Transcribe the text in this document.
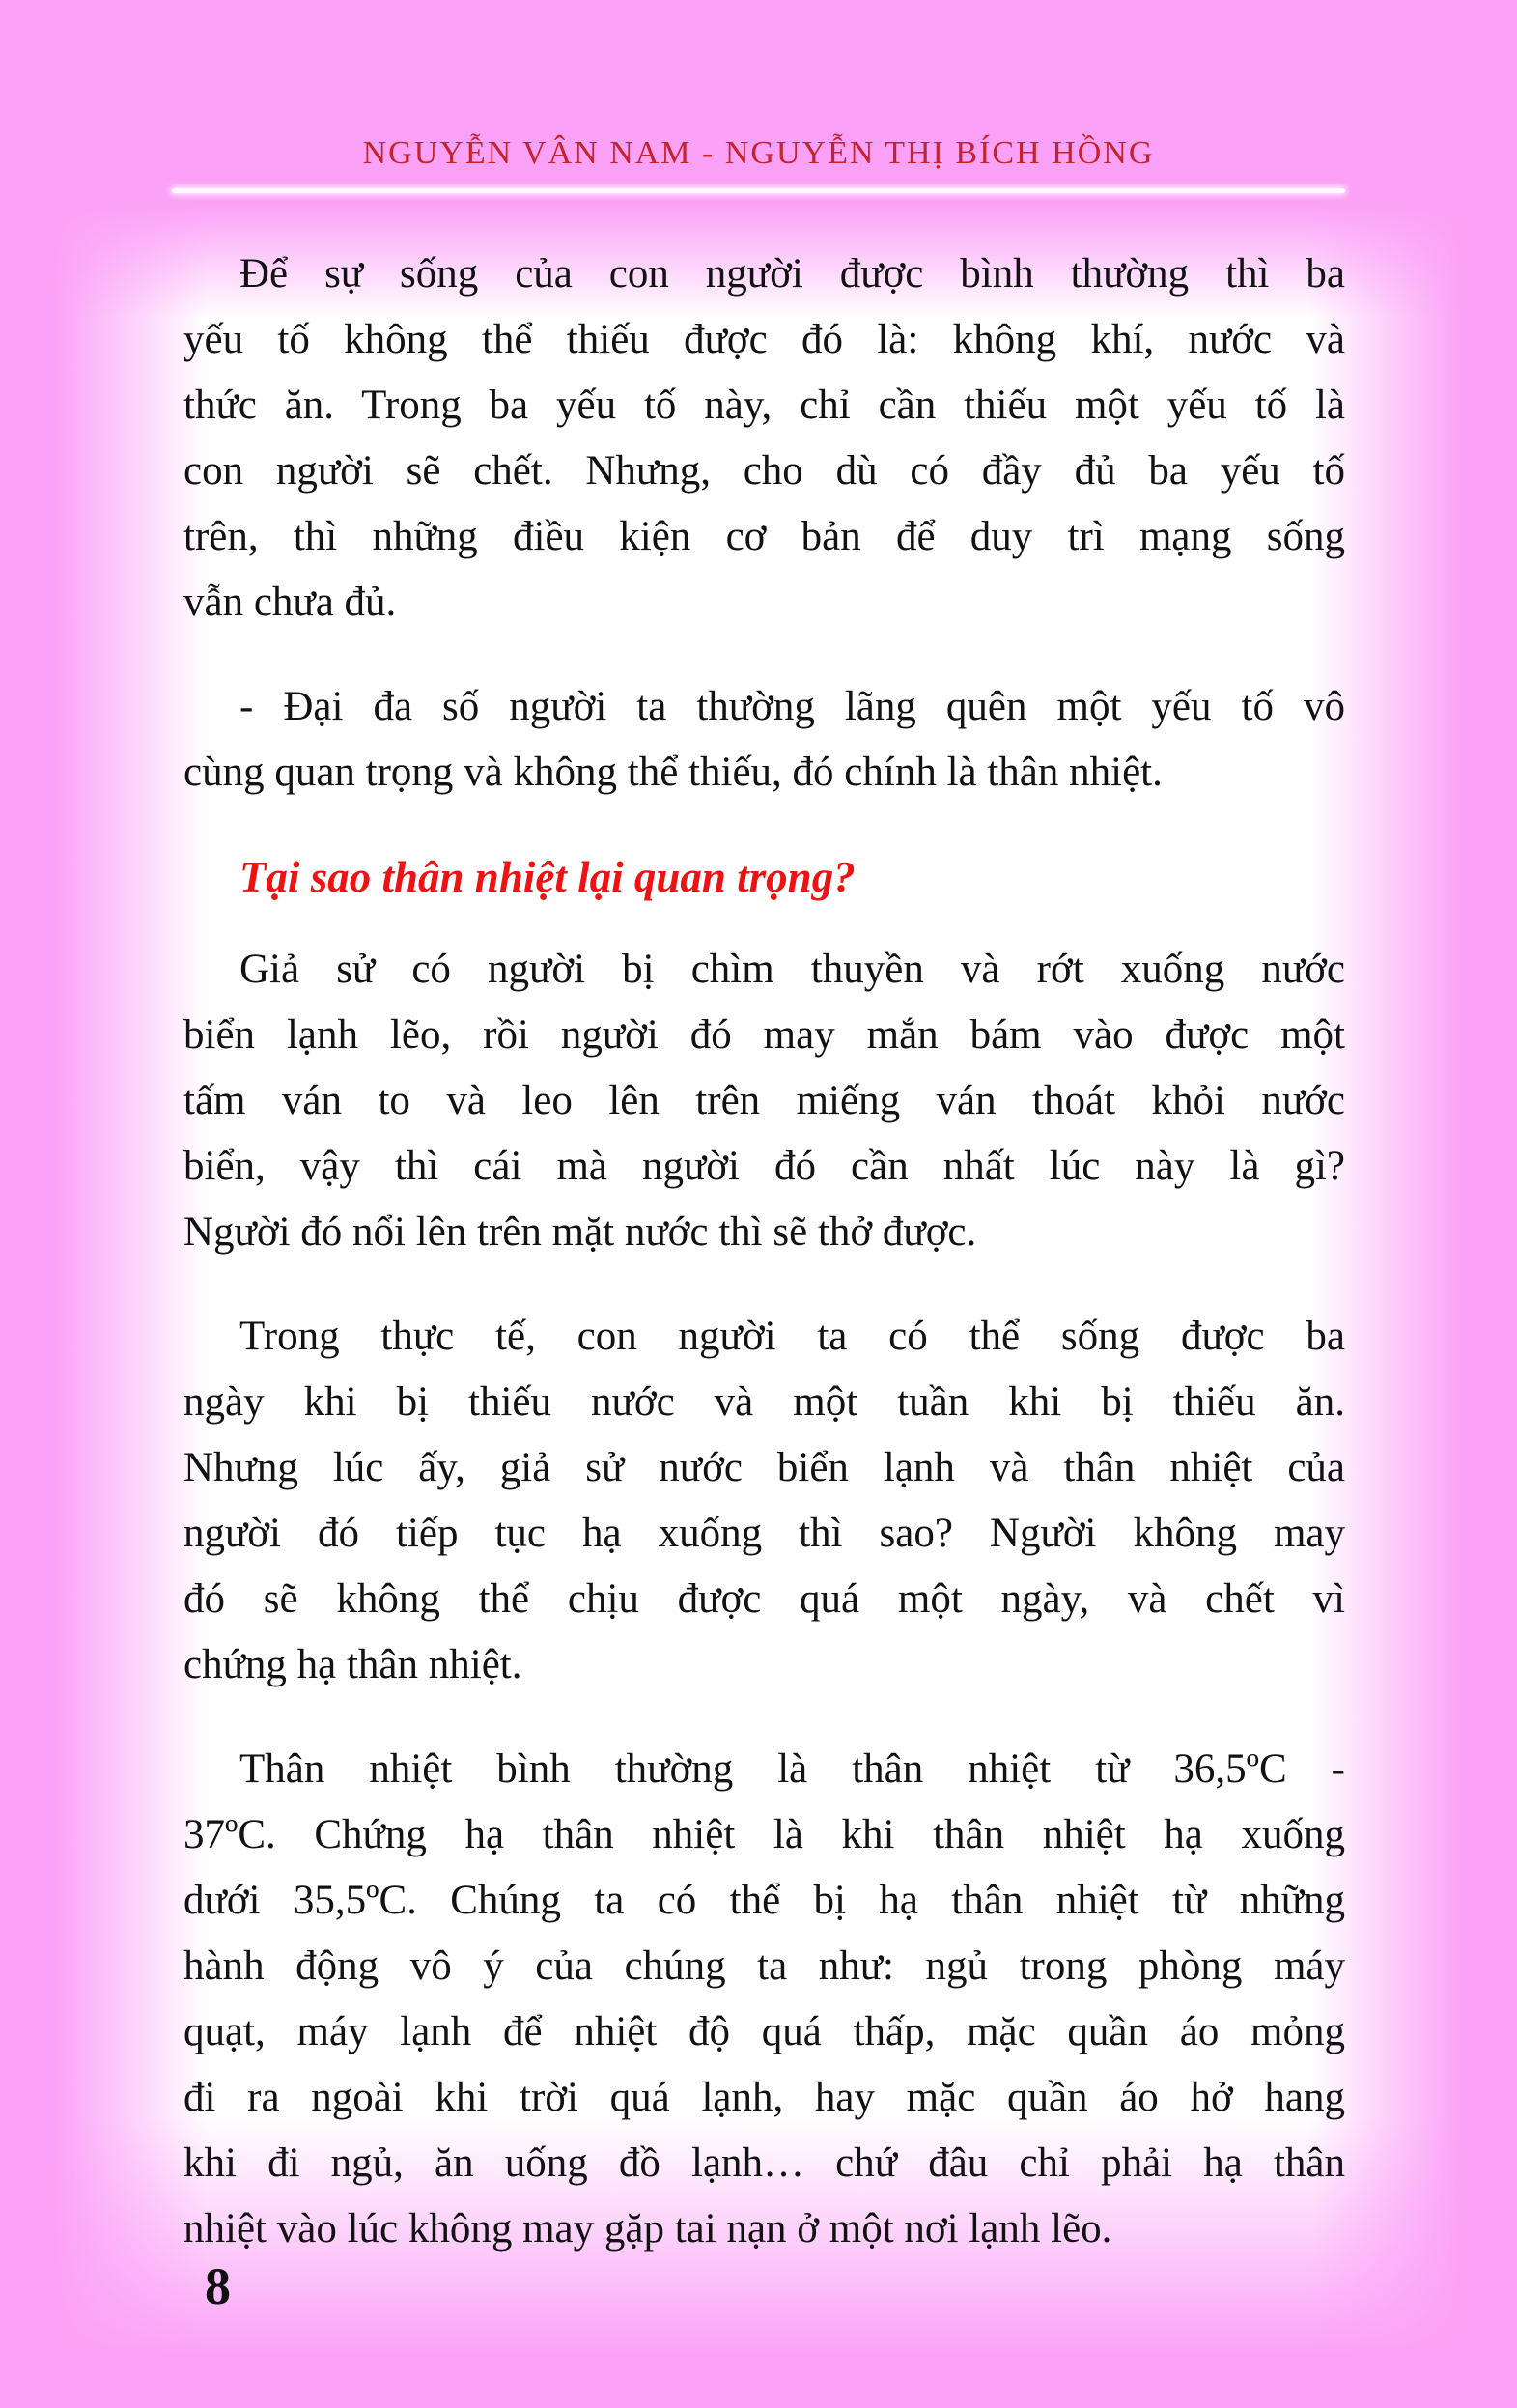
NGUYỄN VÂN NAM - NGUYỄN THỊ BÍCH HỒNG

Để sự sống của con người được bình thường thì ba
yếu tố không thể thiếu được đó là: không khí, nước và
thức ăn. Trong ba yếu tố này, chỉ cần thiếu một yếu tố là
con người sẽ chết. Nhưng, cho dù có đầy đủ ba yếu tố
trên, thì những điều kiện cơ bản để duy trì mạng sống
vẫn chưa đủ.

- Đại đa số người ta thường lãng quên một yếu tố vô
cùng quan trọng và không thể thiếu, đó chính là thân nhiệt.

Tại sao thân nhiệt lại quan trọng?

Giả sử có người bị chìm thuyền và rớt xuống nước
biển lạnh lẽo, rồi người đó may mắn bám vào được một
tấm ván to và leo lên trên miếng ván thoát khỏi nước
biển, vậy thì cái mà người đó cần nhất lúc này là gì?
Người đó nổi lên trên mặt nước thì sẽ thở được.

Trong thực tế, con người ta có thể sống được ba
ngày khi bị thiếu nước và một tuần khi bị thiếu ăn.
Nhưng lúc ấy, giả sử nước biển lạnh và thân nhiệt của
người đó tiếp tục hạ xuống thì sao? Người không may
đó sẽ không thể chịu được quá một ngày, và chết vì
chứng hạ thân nhiệt.

Thân nhiệt bình thường là thân nhiệt từ 36,5ºC -
37ºC. Chứng hạ thân nhiệt là khi thân nhiệt hạ xuống
dưới 35,5ºC. Chúng ta có thể bị hạ thân nhiệt từ những
hành động vô ý của chúng ta như: ngủ trong phòng máy
quạt, máy lạnh để nhiệt độ quá thấp, mặc quần áo mỏng
đi ra ngoài khi trời quá lạnh, hay mặc quần áo hở hang
khi đi ngủ, ăn uống đồ lạnh… chứ đâu chỉ phải hạ thân
nhiệt vào lúc không may gặp tai nạn ở một nơi lạnh lẽo.

8
